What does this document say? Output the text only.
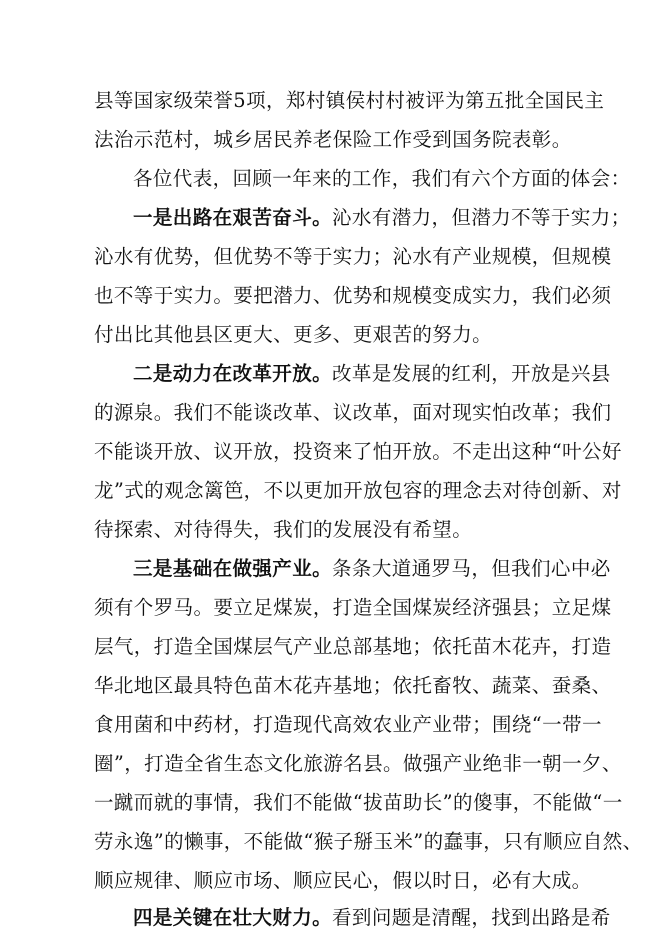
县等国家级荣誉5项，郑村镇侯村村被评为第五批全国民主
法治示范村，城乡居民养老保险工作受到国务院表彰。
各位代表，回顾一年来的工作，我们有六个方面的体会：
一是出路在艰苦奋斗。沁水有潜力，但潜力不等于实力；
沁水有优势，但优势不等于实力；沁水有产业规模，但规模
也不等于实力。要把潜力、优势和规模变成实力，我们必须
付出比其他县区更大、更多、更艰苦的努力。
二是动力在改革开放。改革是发展的红利，开放是兴县
的源泉。我们不能谈改革、议改革，面对现实怕改革；我们
不能谈开放、议开放，投资来了怕开放。不走出这种“叶公好
龙”式的观念篱笆，不以更加开放包容的理念去对待创新、对
待探索、对待得失，我们的发展没有希望。
三是基础在做强产业。条条大道通罗马，但我们心中必
须有个罗马。要立足煤炭，打造全国煤炭经济强县；立足煤
层气，打造全国煤层气产业总部基地；依托苗木花卉，打造
华北地区最具特色苗木花卉基地；依托畜牧、蔬菜、蚕桑、
食用菌和中药材，打造现代高效农业产业带；围绕“一带一
圈”，打造全省生态文化旅游名县。做强产业绝非一朝一夕、
一蹴而就的事情，我们不能做“拔苗助长”的傻事，不能做“一
劳永逸”的懒事，不能做“猴子掰玉米”的蠢事，只有顺应自然、
顺应规律、顺应市场、顺应民心，假以时日，必有大成。
四是关键在壮大财力。看到问题是清醒，找到出路是希
